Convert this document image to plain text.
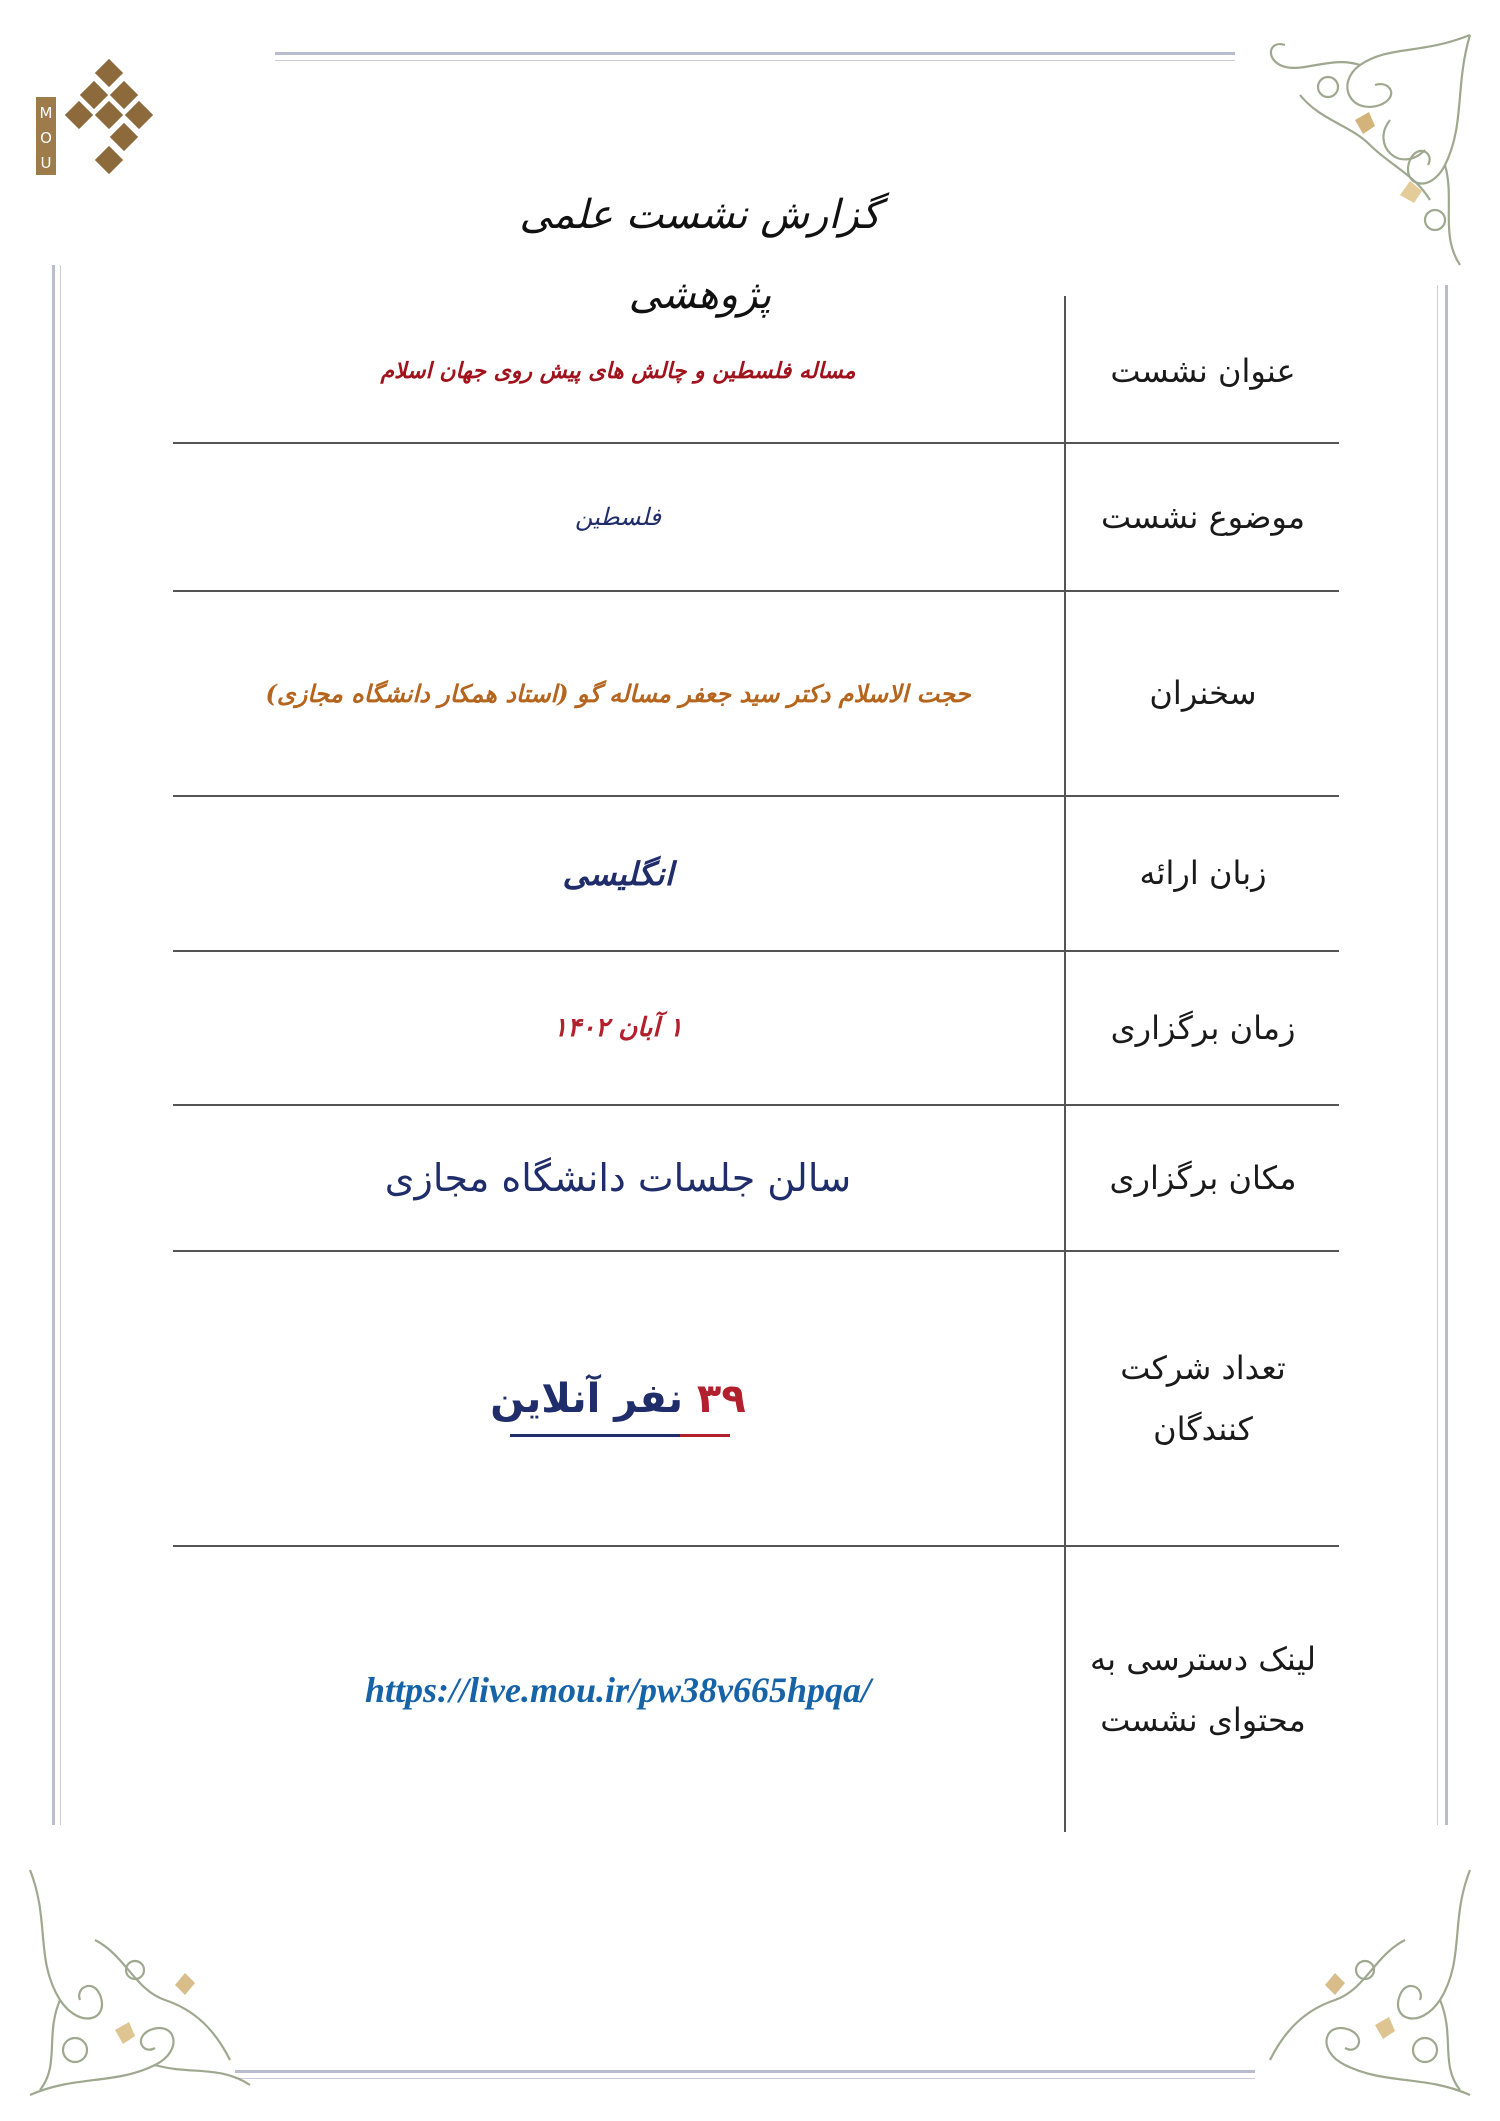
M
O
U
گزارش نشست علمی پژوهشی
عنوان نشست
مساله فلسطین و چالش های پیش روی جهان اسلام
موضوع نشست
فلسطین
سخنران
حجت الاسلام دکتر سید جعفر مساله گو (استاد همکار دانشگاه مجازی)
زبان ارائه
انگلیسی
زمان برگزاری
۱ آبان ۱۴۰۲
مکان برگزاری
سالن جلسات دانشگاه مجازی
تعداد شرکت کنندگان
۳۹

نفر آنلاین
لینک دسترسی به محتوای نشست
https://live.mou.ir/pw38v665hpqa/
